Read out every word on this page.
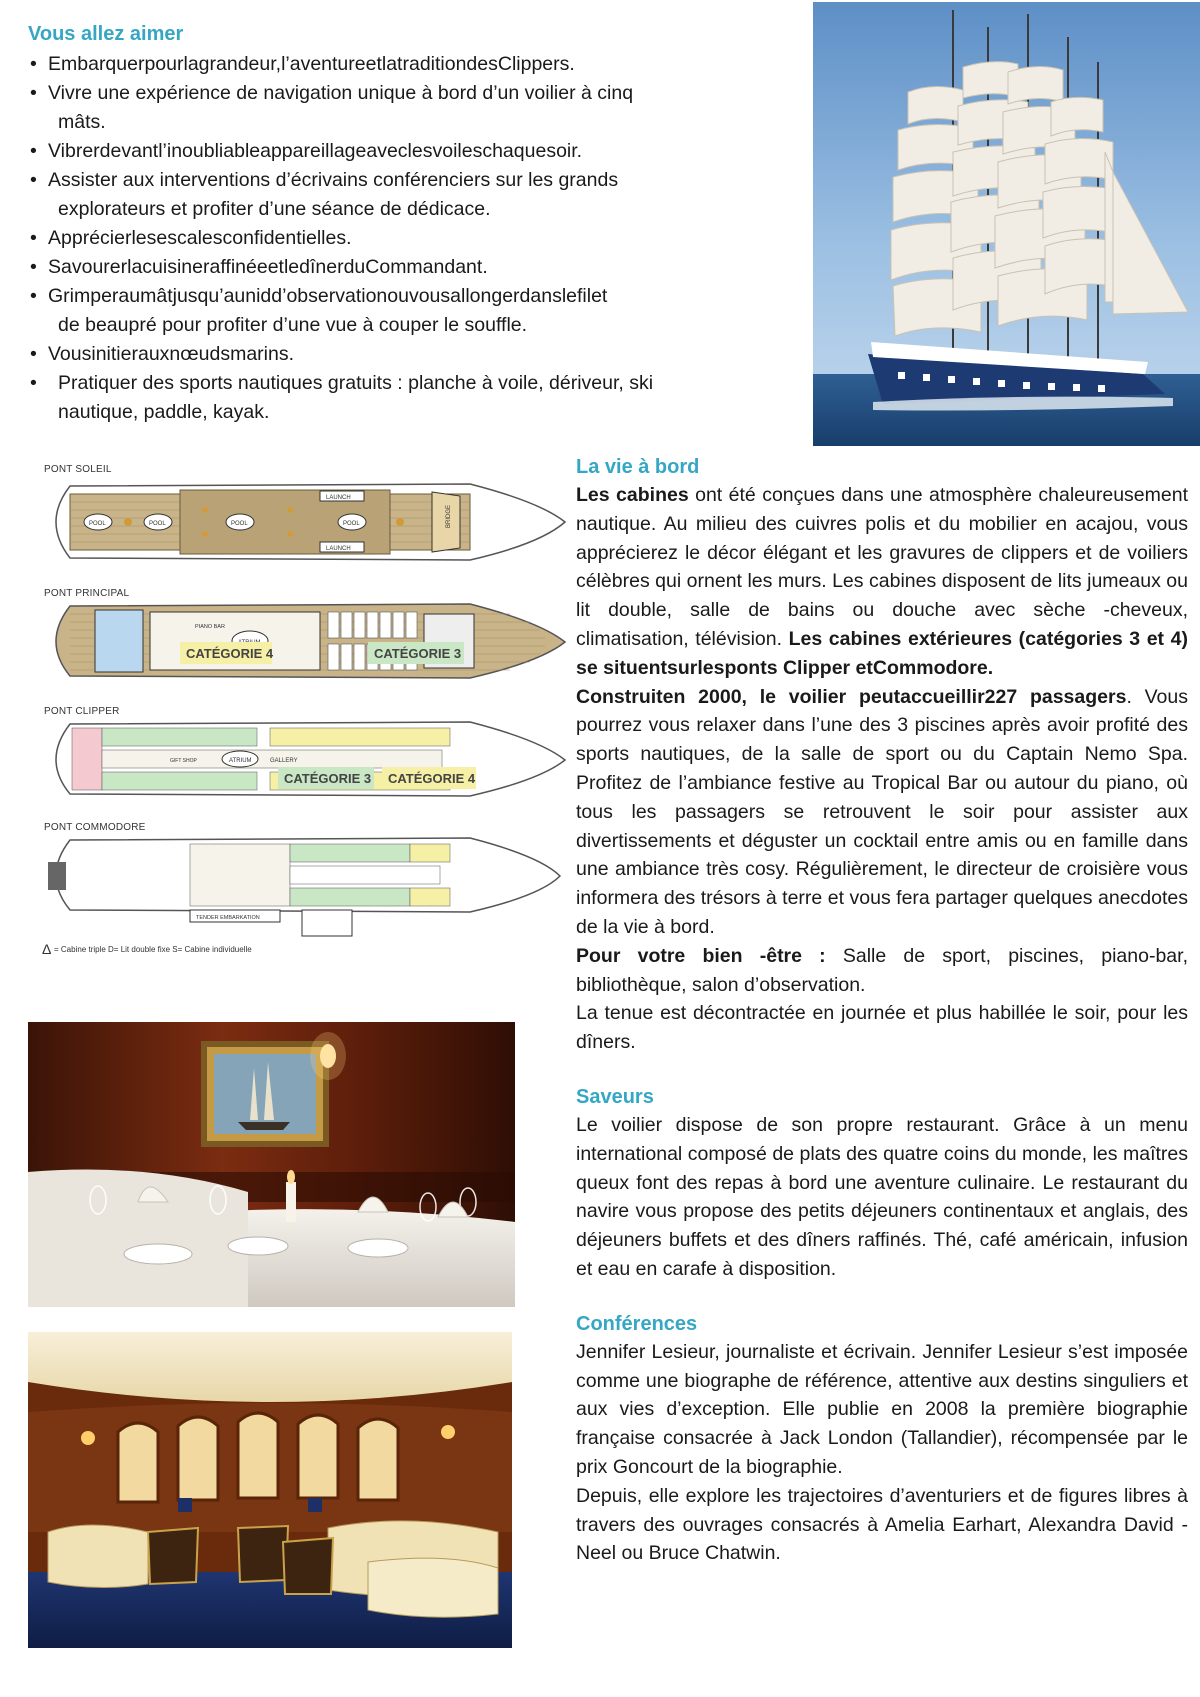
Vous allez aimer
• Embarquerpourlagrandeur,l’aventureetlatraditiondesClippers.
• Vivre une expérience de navigation unique à bord d’un voilier à cinq
mâts.
• Vibrerdevantl’inoubliableappareillageaveclesvoileschaquesoir.
• Assister aux interventions d’écrivains conférenciers sur les grands
explorateurs et profiter d’une séance de dédicace.
• Apprécierlesescalesconfidentielles.
• SavourerlacuisineraffinéeetledînerduCommandant.
• Grimperaumâtjusqu’aunidd’observationouvousallongerdanslefilet
de beaupré pour profiter d’une vue à couper le souffle.
• Vousinitierauxnœudsmarins.
• Pratiquer des sports nautiques gratuits : planche à voile, dériveur, ski
nautique, paddle, kayak.
PONT SOLEIL
POOL	POOL	POOL	POOL
LAUNCH
LAUNCH
BRIDGE
PONT PRINCIPAL
PIANO BAR
CATÉGORIE 4	CATÉGORIE 3
PONT CLIPPER
ATRIUM	GALLERY
GIFT SHOP
CATÉGORIE 3 CATÉGORIE 4
PONT COMMODORE
TENDER EMBARKATION
Δ = Cabine triple D= Lit double fixe S= Cabine individuelle
La vie à bord

Les cabines ont été conçues dans une atmosphère chaleureusement nautique. Au milieu des cuivres polis et du mobilier en acajou, vous apprécierez le décor élégant et les gravures de clippers et de voiliers célèbres qui ornent les murs. Les cabines disposent de lits jumeaux ou lit double, salle de bains ou douche avec sèche -cheveux, climatisation, télévision. Les cabines extérieures (catégories 3 et 4) se situentsurlesponts Clipper etCommodore.

Construiten 2000, le voilier peutaccueillir227 passagers. Vous pourrez vous relaxer dans l’une des 3 piscines après avoir profité des sports nautiques, de la salle de sport ou du Captain Nemo Spa. Profitez de l’ambiance festive au Tropical Bar ou autour du piano, où tous les passagers se retrouvent le soir pour assister aux divertissements et déguster un cocktail entre amis ou en famille dans une ambiance très cosy. Régulièrement, le directeur de croisière vous informera des trésors à terre et vous fera partager quelques anecdotes de la vie à bord.

Pour votre bien -être : Salle de sport, piscines, piano-bar, bibliothèque, salon d’observation.

La tenue est décontractée en journée et plus habillée le soir, pour les dîners.

Saveurs

Le voilier dispose de son propre restaurant. Grâce à un menu international composé de plats des quatre coins du monde, les maîtres queux font des repas à bord une aventure culinaire. Le restaurant du navire vous propose des petits déjeuners continentaux et anglais, des déjeuners buffets et des dîners raffinés. Thé, café américain, infusion et eau en carafe à disposition.

Conférences

Jennifer Lesieur, journaliste et écrivain. Jennifer Lesieur s’est imposée comme une biographe de référence, attentive aux destins singuliers et aux vies d’exception. Elle publie en 2008 la première biographie française consacrée à Jack London (Tallandier), récompensée par le prix Goncourt de la biographie.

Depuis, elle explore les trajectoires d’aventuriers et de figures libres à travers des ouvrages consacrés à Amelia Earhart, Alexandra David -Neel ou Bruce Chatwin.
